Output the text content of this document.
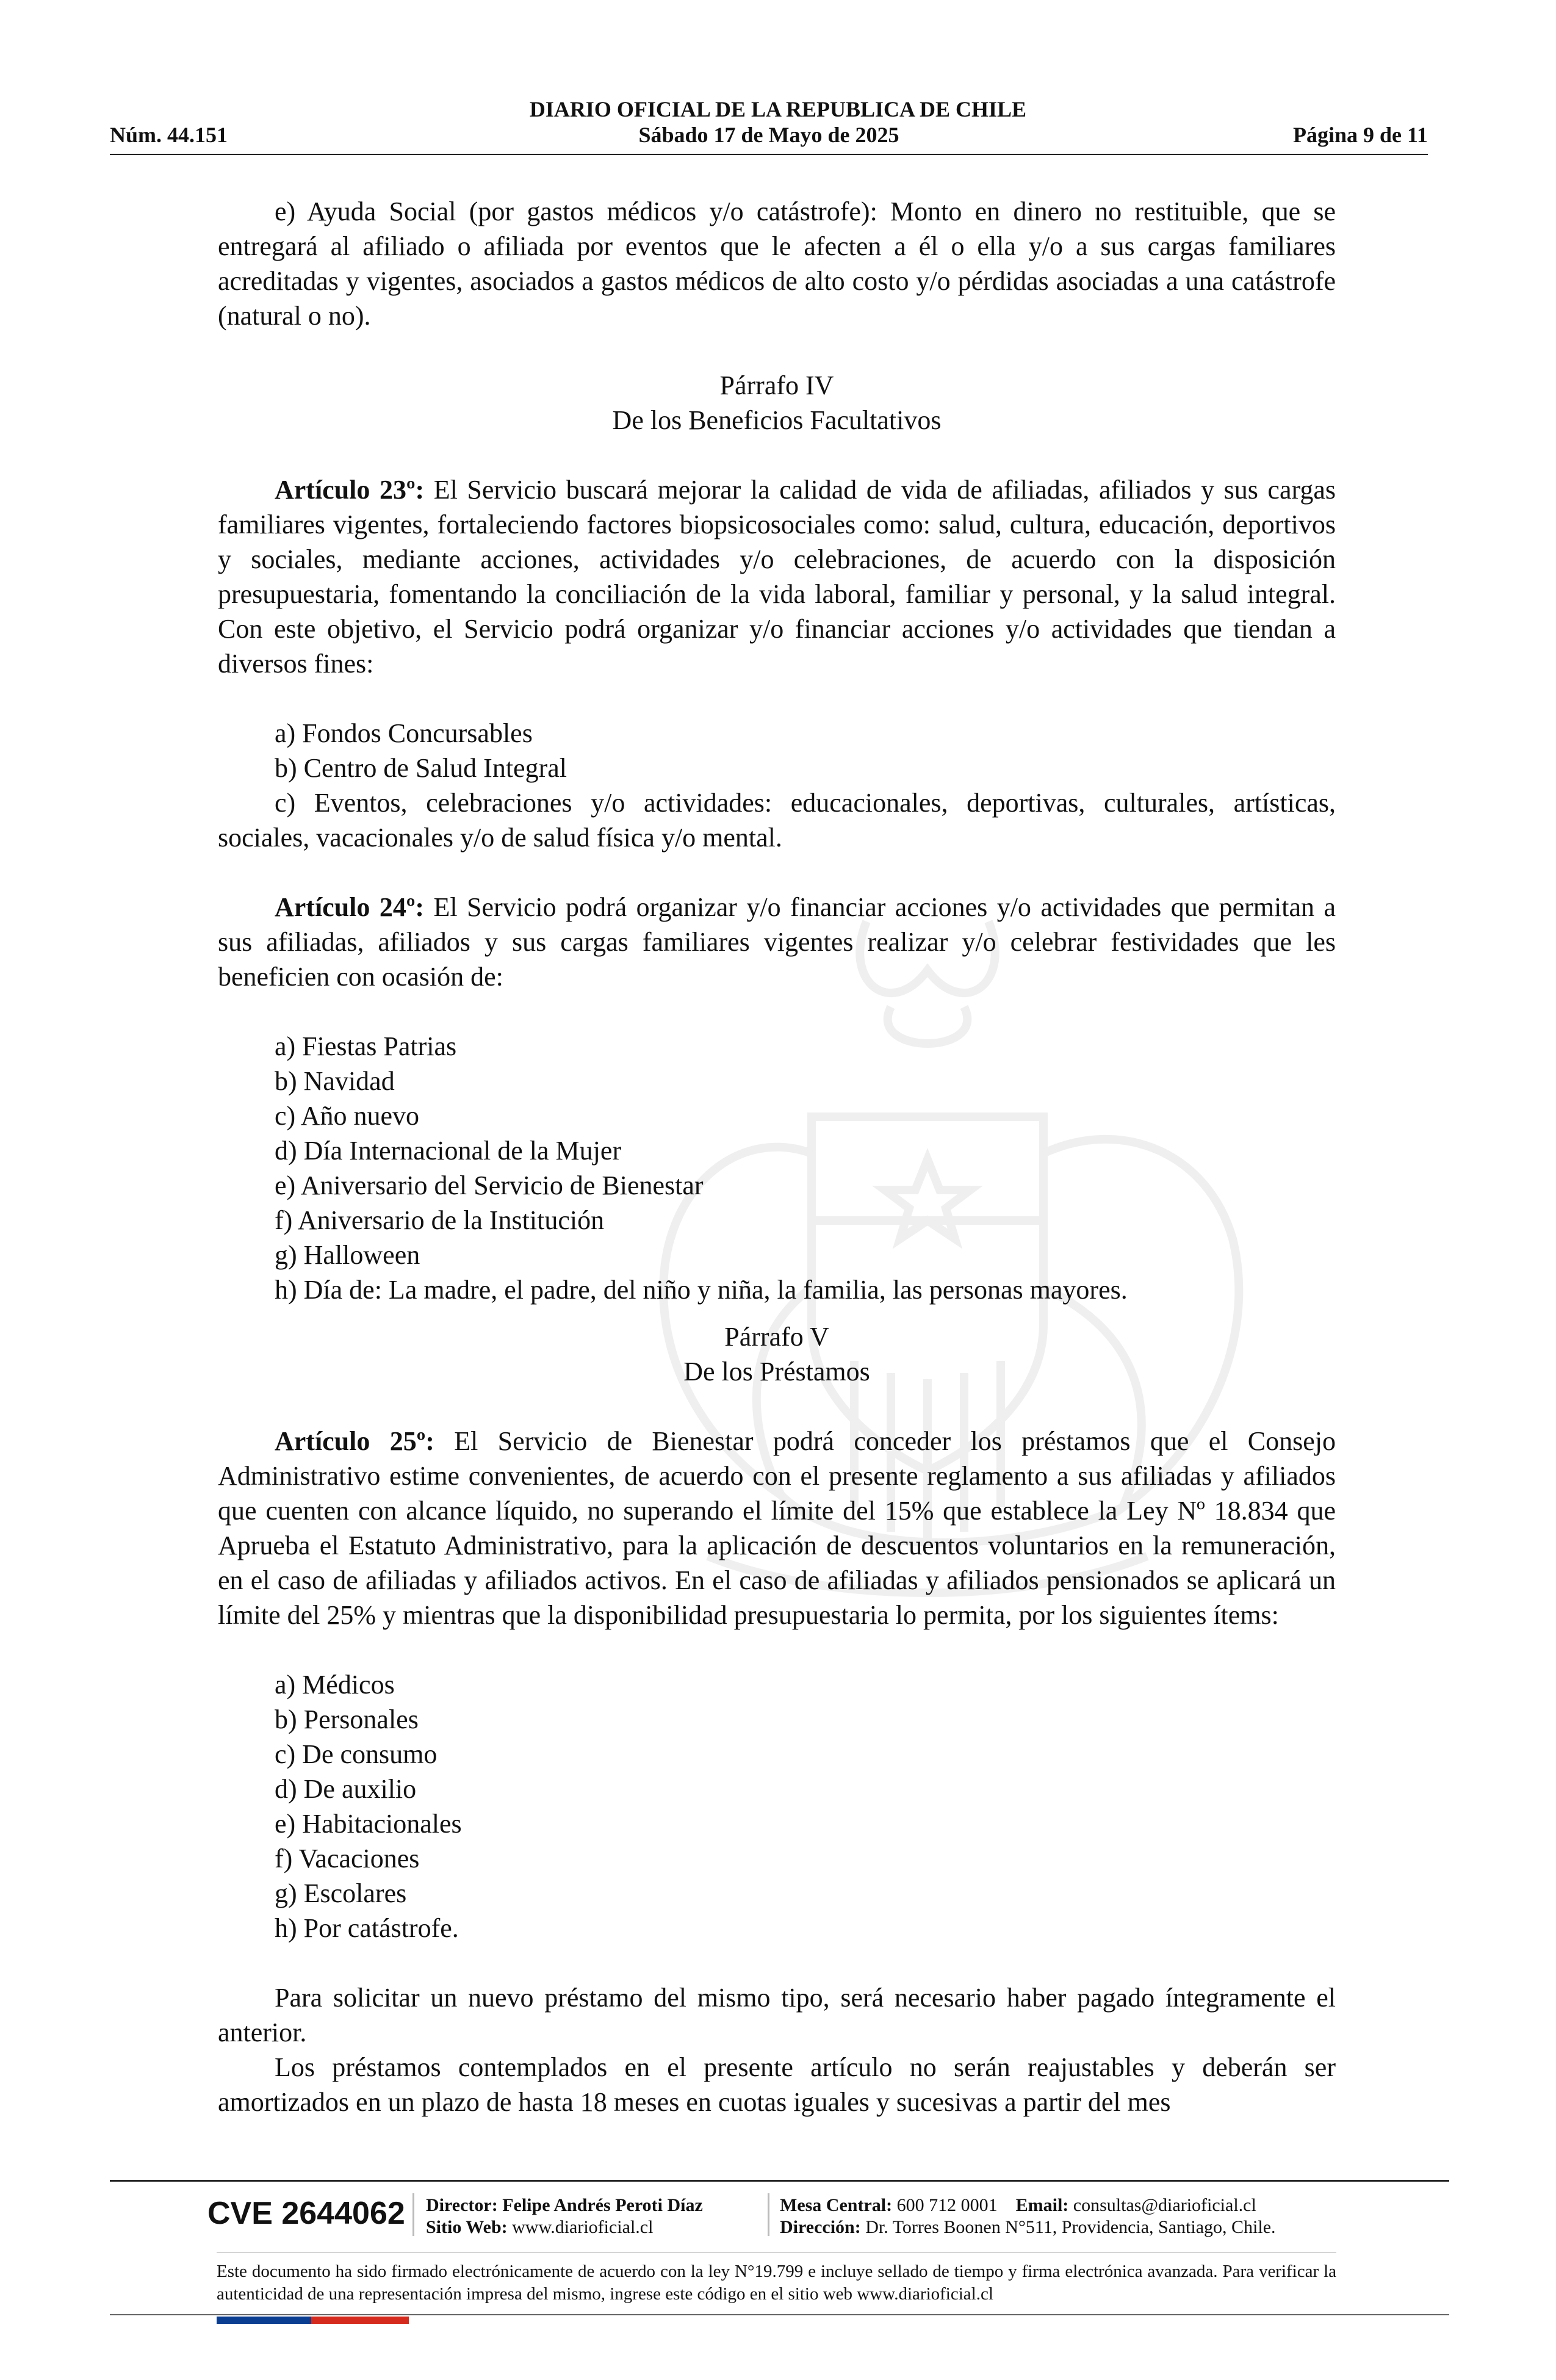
DIARIO OFICIAL DE LA REPUBLICA DE CHILE
Núm. 44.151	Sábado 17 de Mayo de 2025	Página 9 de 11

e) Ayuda Social (por gastos médicos y/o catástrofe): Monto en dinero no restituible, que se entregará al afiliado o afiliada por eventos que le afecten a él o ella y/o a sus cargas familiares acreditadas y vigentes, asociados a gastos médicos de alto costo y/o pérdidas asociadas a una catástrofe (natural o no).

Párrafo IV

De los Beneficios Facultativos

Artículo 23º: El Servicio buscará mejorar la calidad de vida de afiliadas, afiliados y sus cargas familiares vigentes, fortaleciendo factores biopsicosociales como: salud, cultura, educación, deportivos y sociales, mediante acciones, actividades y/o celebraciones, de acuerdo con la disposición presupuestaria, fomentando la conciliación de la vida laboral, familiar y personal, y la salud integral. Con este objetivo, el Servicio podrá organizar y/o financiar acciones y/o actividades que tiendan a diversos fines:

a) Fondos Concursables

b) Centro de Salud Integral

c) Eventos, celebraciones y/o actividades: educacionales, deportivas, culturales, artísticas, sociales, vacacionales y/o de salud física y/o mental.

Artículo 24º: El Servicio podrá organizar y/o financiar acciones y/o actividades que permitan a sus afiliadas, afiliados y sus cargas familiares vigentes realizar y/o celebrar festividades que les beneficien con ocasión de:

a) Fiestas Patrias

b) Navidad

c) Año nuevo

d) Día Internacional de la Mujer

e) Aniversario del Servicio de Bienestar

f) Aniversario de la Institución

g) Halloween

h) Día de: La madre, el padre, del niño y niña, la familia, las personas mayores.

Párrafo V

De los Préstamos

Artículo 25º: El Servicio de Bienestar podrá conceder los préstamos que el Consejo Administrativo estime convenientes, de acuerdo con el presente reglamento a sus afiliadas y afiliados que cuenten con alcance líquido, no superando el límite del 15% que establece la Ley Nº 18.834 que Aprueba el Estatuto Administrativo, para la aplicación de descuentos voluntarios en la remuneración, en el caso de afiliadas y afiliados activos. En el caso de afiliadas y afiliados pensionados se aplicará un límite del 25% y mientras que la disponibilidad presupuestaria lo permita, por los siguientes ítems:

a) Médicos

b) Personales

c) De consumo

d) De auxilio

e) Habitacionales

f) Vacaciones

g) Escolares

h) Por catástrofe.

Para solicitar un nuevo préstamo del mismo tipo, será necesario haber pagado íntegramente el anterior.

Los préstamos contemplados en el presente artículo no serán reajustables y deberán ser amortizados en un plazo de hasta 18 meses en cuotas iguales y sucesivas a partir del mes

CVE 2644062 Director: Felipe Andrés Peroti Díaz
Sitio Web: www.diarioficial.cl
Mesa Central: 600 712 0001 Email: consultas@diarioficial.cl
Dirección: Dr. Torres Boonen N°511, Providencia, Santiago, Chile.
Este documento ha sido firmado electrónicamente de acuerdo con la ley N°19.799 e incluye sellado de tiempo y firma electrónica avanzada. Para verificar la autenticidad de una representación impresa del mismo, ingrese este código en el sitio web www.diarioficial.cl
